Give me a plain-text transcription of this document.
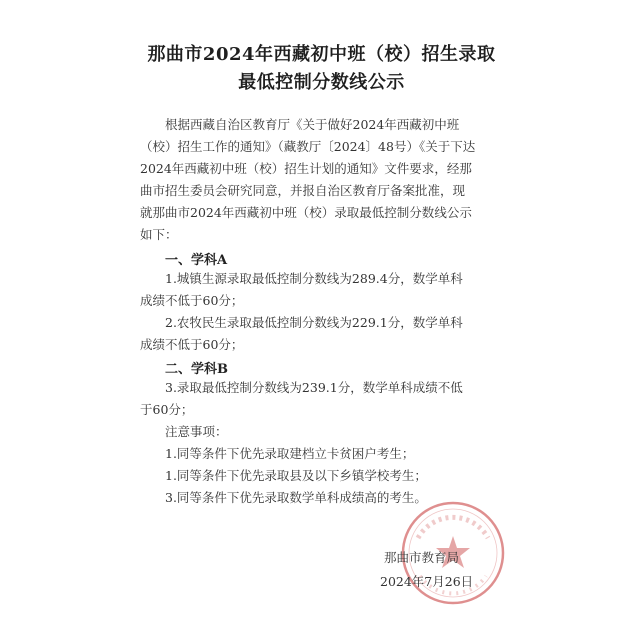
那曲市2024年西藏初中班（校）招生录取
最低控制分数线公示
根据西藏自治区教育厅《关于做好2024年西藏初中班
（校）招生工作的通知》（藏教厅〔2024〕48号）《关于下达
2024年西藏初中班（校）招生计划的通知》文件要求，经那
曲市招生委员会研究同意，并报自治区教育厅备案批准，现
就那曲市2024年西藏初中班（校）录取最低控制分数线公示
如下：
一、学科A
1.城镇生源录取最低控制分数线为289.4分，数学单科
成绩不低于60分；
2.农牧民生录取最低控制分数线为229.1分，数学单科
成绩不低于60分；
二、学科B
3.录取最低控制分数线为239.1分，数学单科成绩不低
于60分；
注意事项：
1.同等条件下优先录取建档立卡贫困户考生；
1.同等条件下优先录取县及以下乡镇学校考生；
3.同等条件下优先录取数学单科成绩高的考生。
那曲市教育局
2024年7月26日
